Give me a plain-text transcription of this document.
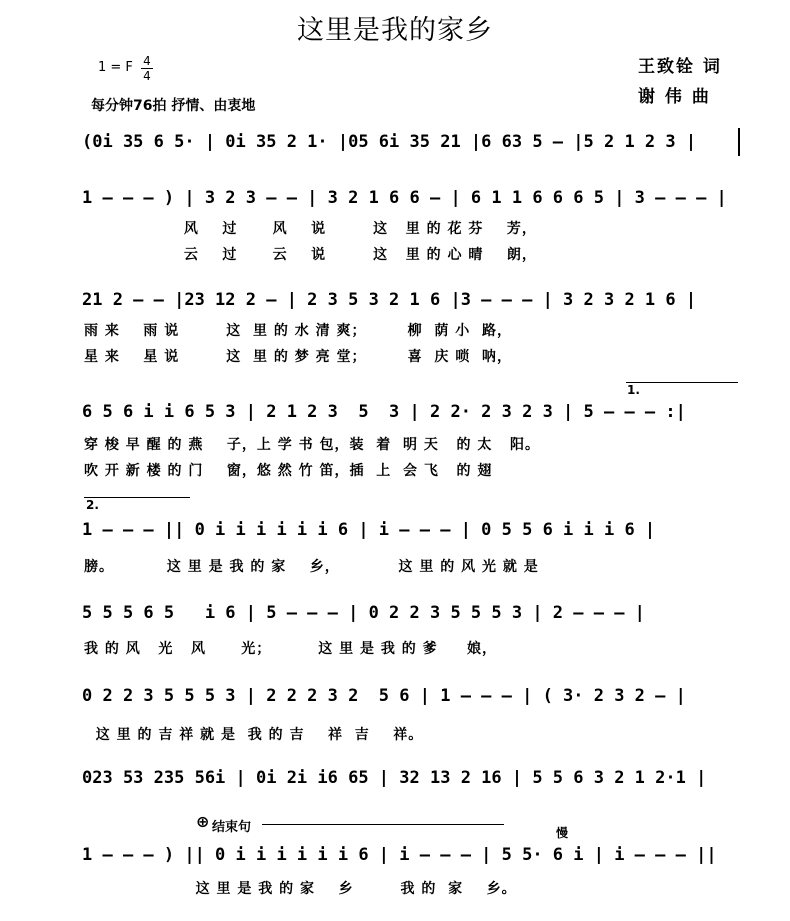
这里是我的家乡
1 = F 4
4
每分钟76拍 抒情、由衷地
王致铨 词
谢 伟 曲
(0i 35 6 5· | 0i 35 2 1· |05 6i 35 21 |6 63 5 – |5 2 1 2 3 |
1 – – – ) | 3 2 3 – – | 3 2 1 6 6 – | 6 1 1 6 6 6 5 | 3 – – – |
风    过      风    说        这   里 的 花 芬    芳，
云    过      云    说        这   里 的 心 晴    朗，
21 2 – – |23 12 2 – | 2 3 5 3 2 1 6 |3 – – – | 3 2 3 2 1 6 |
雨 来    雨 说        这  里 的 水 清 爽；       柳  荫 小  路，
星 来    星 说        这  里 的 梦 亮 堂；       喜  庆 唢  呐，
1.
6 5 6 i i 6 5 3 | 2 1 2 3  5  3 | 2 2· 2 3 2 3 | 5 – – – :|
穿 梭 早 醒 的 燕    子，上 学 书 包，装  着  明 天   的 太   阳。
吹 开 新 楼 的 门    窗，悠 然 竹 笛，插  上  会 飞   的 翅
2.
1 – – – || 0 i i i i i i 6 | i – – – | 0 5 5 6 i i i 6 |
膀。         这 里 是 我 的 家    乡，          这 里 的 风 光 就 是
5 5 5 6 5   i 6 | 5 – – – | 0 2 2 3 5 5 5 3 | 2 – – – |
我 的 风   光   风      光；        这 里 是 我 的 爹     娘，
0 2 2 3 5 5 5 3 | 2 2 2 3 2  5 6 | 1 – – – | ( 3· 2 3 2 – |
这 里 的 吉 祥 就 是  我 的 吉    祥  吉    祥。
023 53 235 56i | 0i 2i i6 65 | 32 13 2 16 | 5 5 6 3 2 1 2·1 |
⊕ 结束句	慢
1 – – – ) || 0 i i i i i i 6 | i – – – | 5 5· 6 i | i – – – ||
这 里 是 我 的 家    乡        我 的  家    乡。
